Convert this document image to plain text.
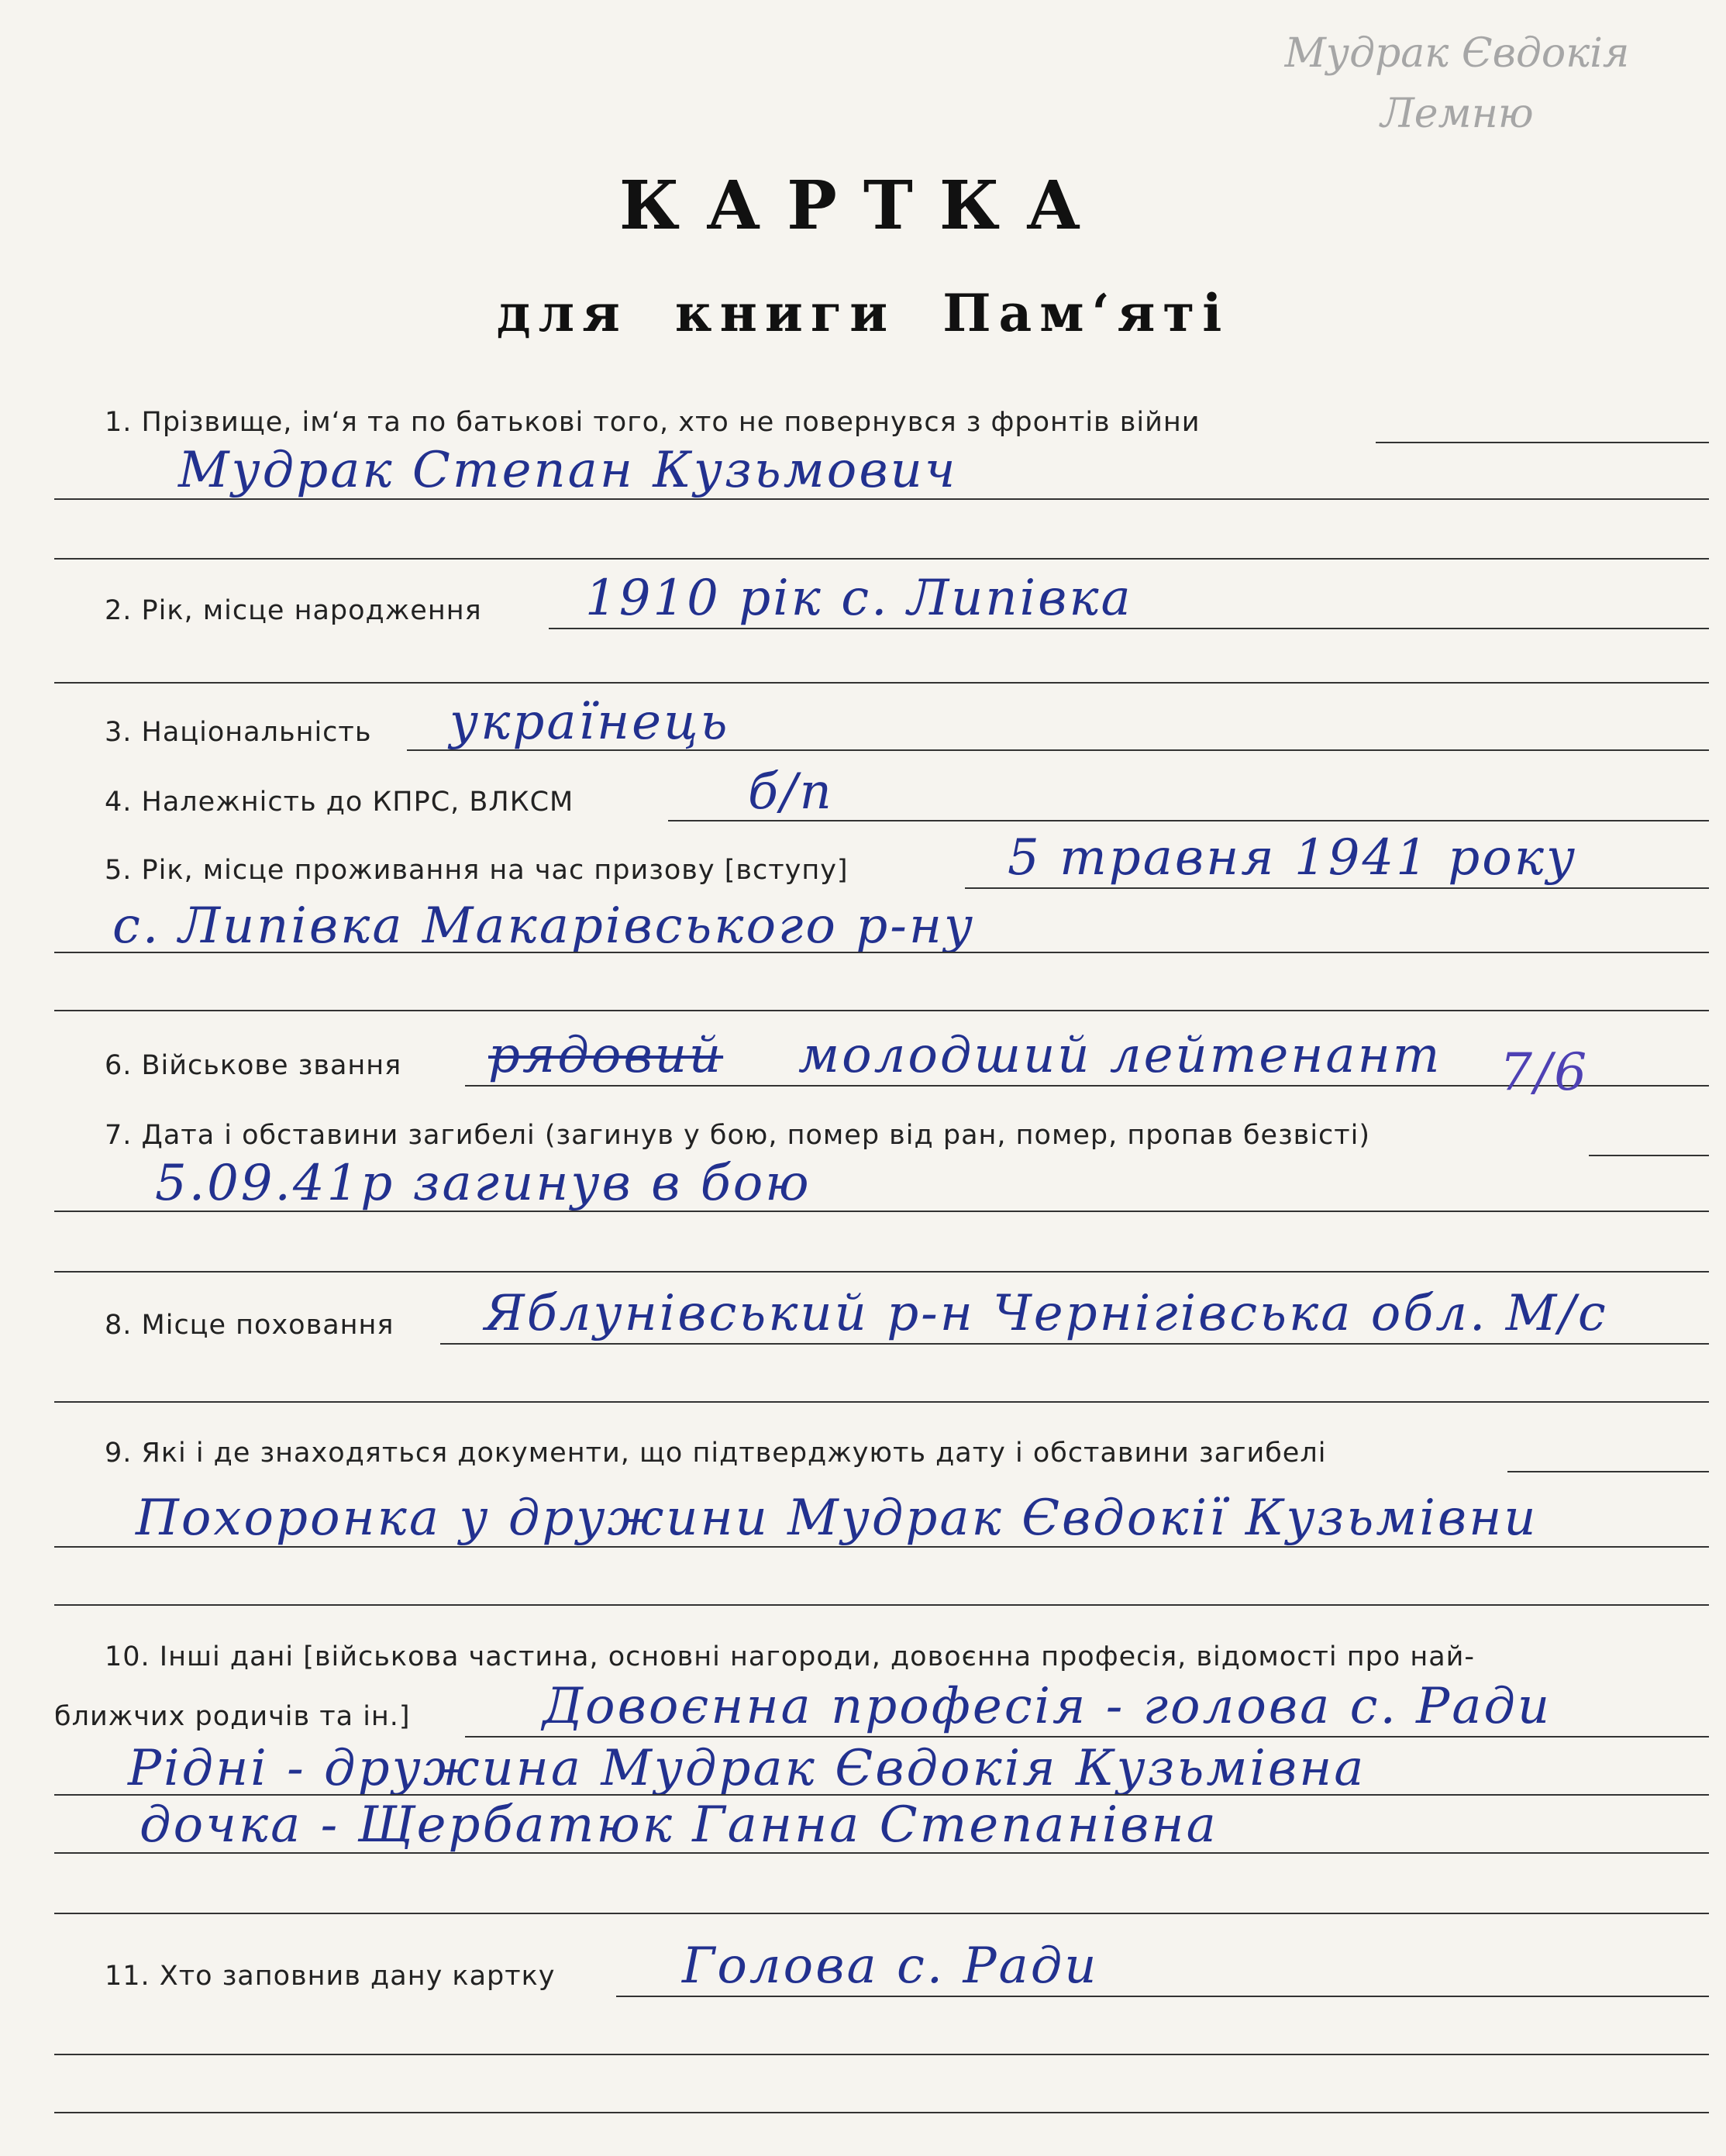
Мудрак Євдокія
Лемню
КАРТКА
для книги Пам‘яті
1. Прізвище, ім‘я та по батькові того, хто не повернувся з фронтів війни
Мудрак Степан Кузьмович
2. Рік, місце народження 1910 рік с. Липівка
3. Національність українець
4. Належність до КПРС, ВЛКСМ	б/п
5. Рік, місце проживання на час призову [вступу]	5 травня 1941 року
с. Липівка Макарівського р-ну
6. Військове звання рядовий молодший лейтенант 7/6
7. Дата і обставини загибелі (загинув у бою, помер від ран, помер, пропав безвісті)
5.09.41р загинув в бою
8. Місце поховання Яблунівський р-н Чернігівська обл. М/с
9. Які і де знаходяться документи, що підтверджують дату і обставини загибелі
Похоронка у дружини Мудрак Євдокії Кузьмівни
10. Інші дані [військова частина, основні нагороди, довоєнна професія, відомості про най-
ближчих родичів та ін.]	Довоєнна професія - голова с. Ради
Рідні - дружина Мудрак Євдокія Кузьмівна
дочка - Щербатюк Ганна Степанівна
11. Хто заповнив дану картку	Голова с. Ради
